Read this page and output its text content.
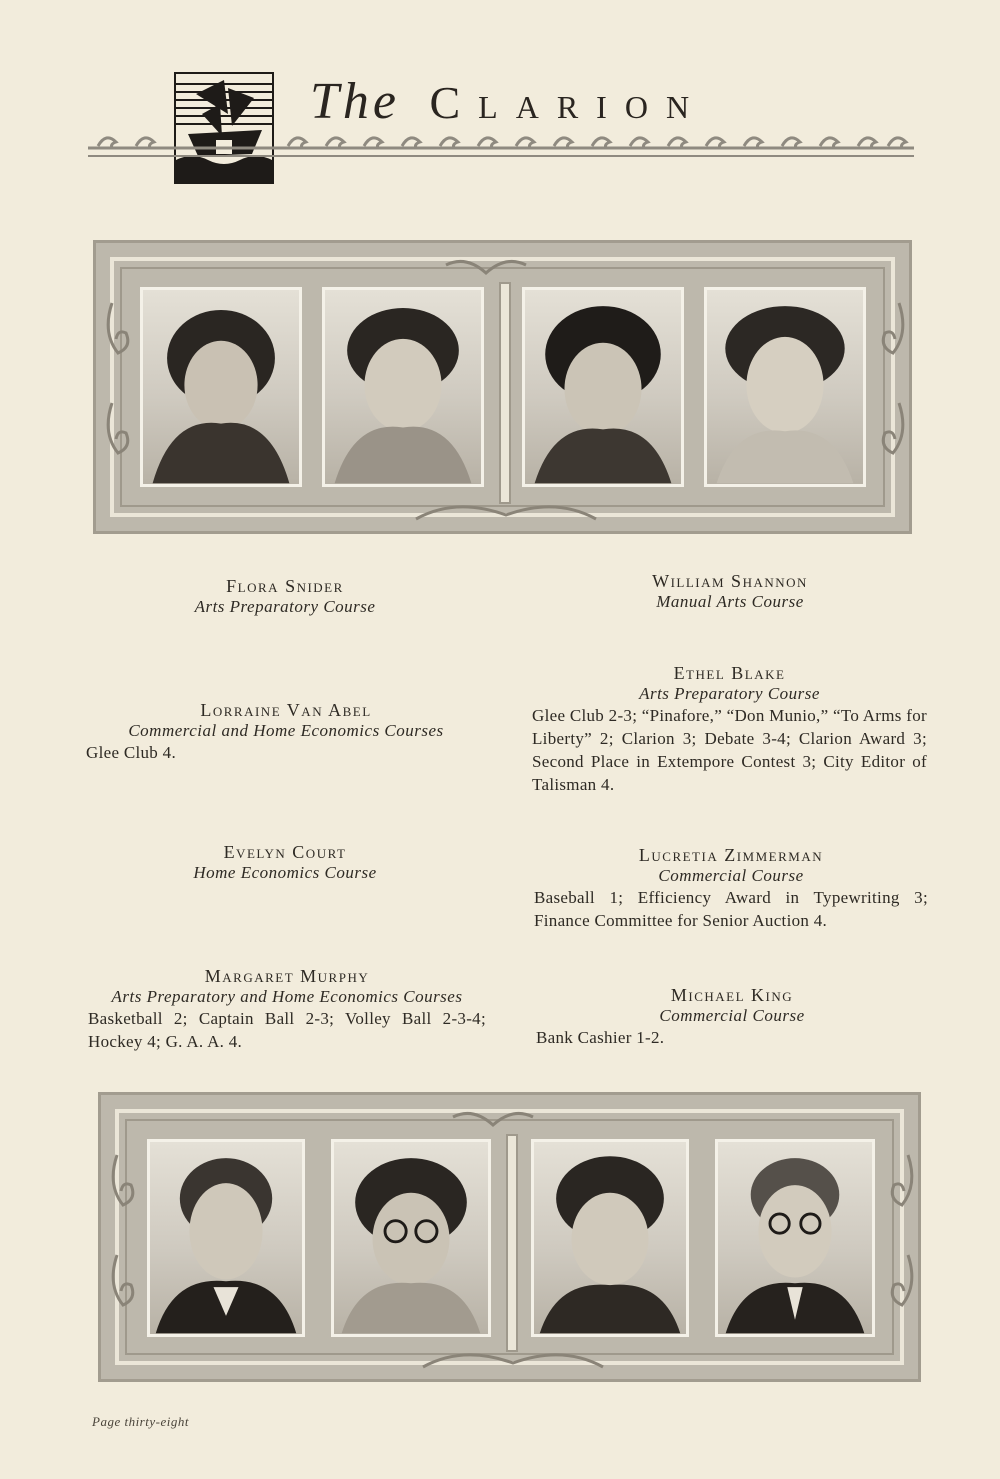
The Clarion
Flora Snider
Arts Preparatory Course
William Shannon
Manual Arts Course
Ethel Blake
Arts Preparatory Course
Glee Club 2-3; “Pinafore,” “Don Munio,” “To Arms for Liberty” 2; Clarion 3; Debate 3-4; Clarion Award 3; Second Place in Extempore Contest 3; City Editor of Talisman 4.
Lorraine Van Abel
Commercial and Home Economics Courses
Glee Club 4.
Evelyn Court
Home Economics Course
Lucretia Zimmerman
Commercial Course
Baseball 1; Efficiency Award in Typewriting 3; Finance Committee for Senior Auction 4.
Margaret Murphy
Arts Preparatory and Home Economics Courses
Basketball 2; Captain Ball 2-3; Volley Ball 2-3-4; Hockey 4; G. A. A. 4.
Michael King
Commercial Course
Bank Cashier 1-2.
Page thirty-eight
